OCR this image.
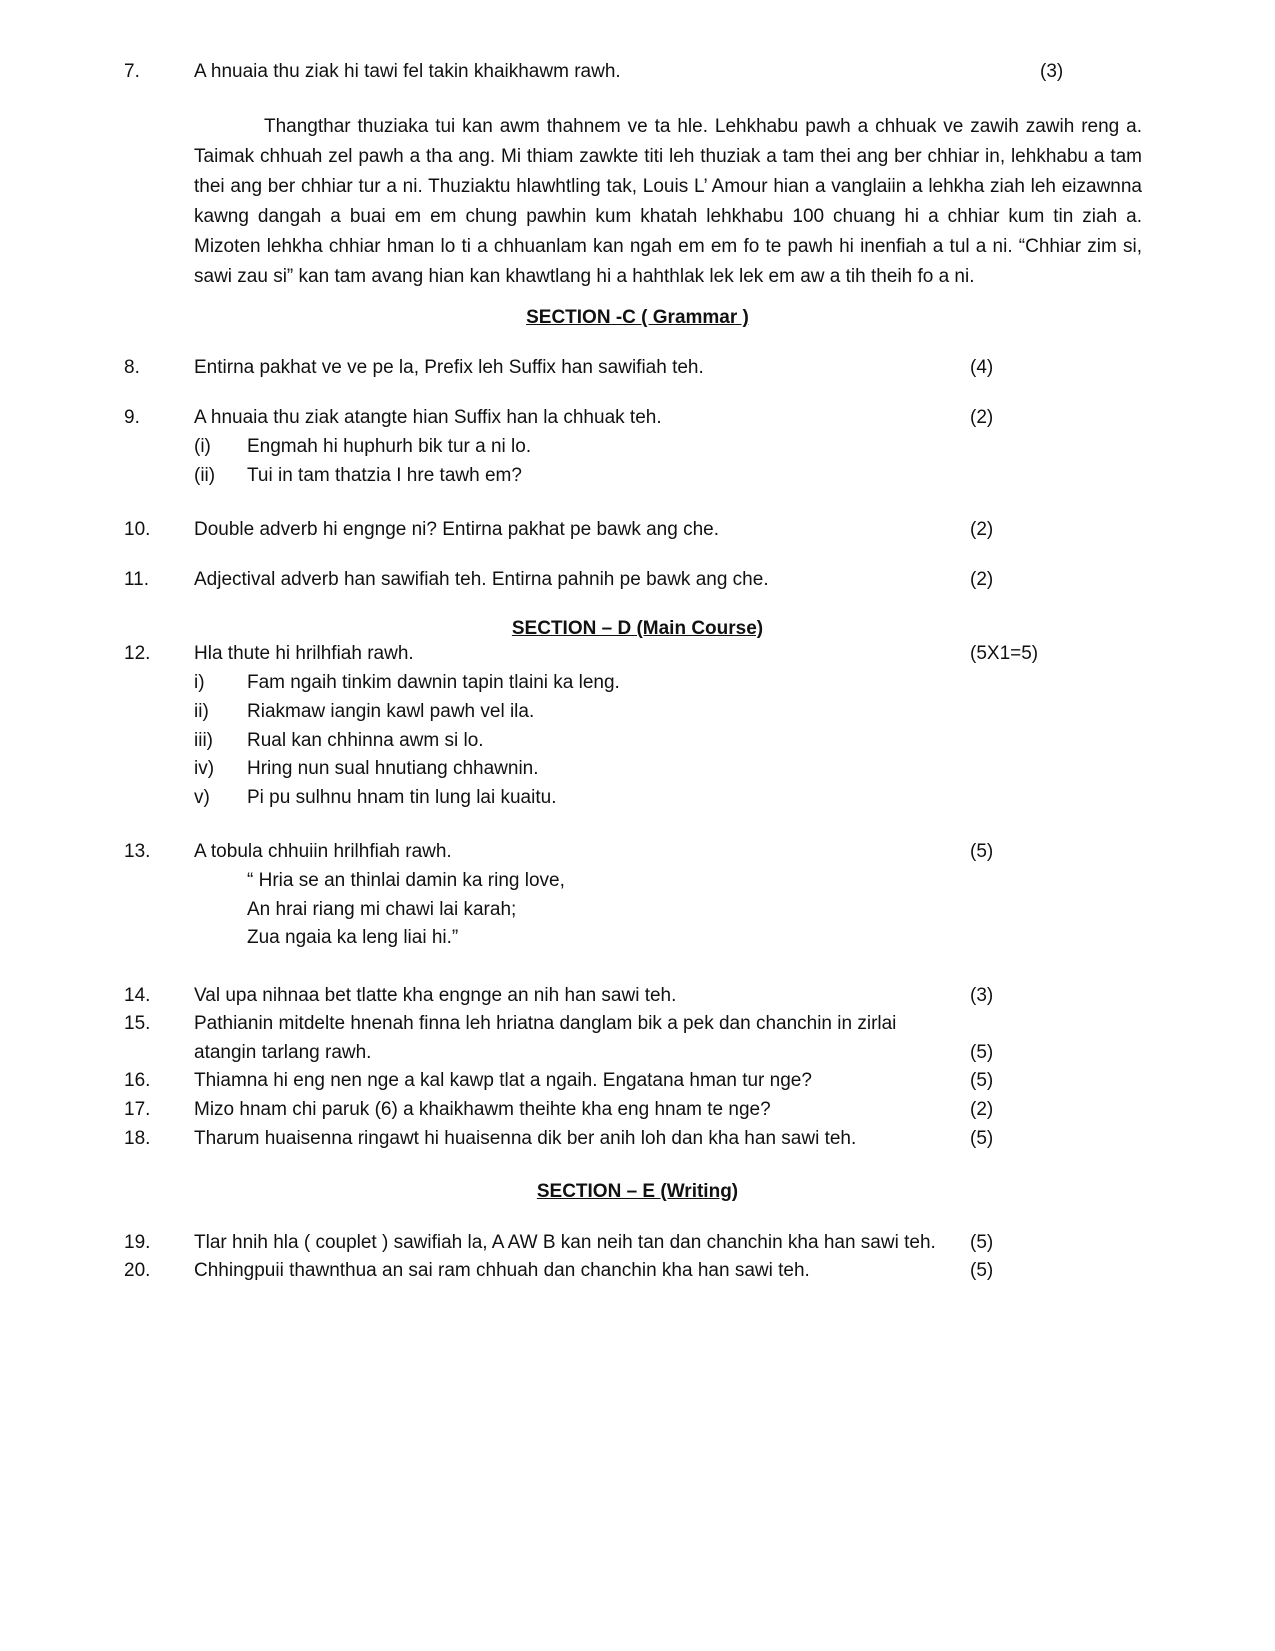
7.	A hnuaia thu ziak hi tawi fel takin khaikhawm rawh.	(3)

Thangthar thuziaka tui kan awm thahnem ve ta hle. Lehkhabu pawh a chhuak ve zawih zawih reng a. Taimak chhuah zel pawh a tha ang. Mi thiam zawkte titi leh thuziak a tam thei ang ber chhiar in, lehkhabu a tam thei ang ber chhiar tur a ni. Thuziaktu hlawhtling tak, Louis L’ Amour hian a vanglaiin a lehkha ziah leh eizawnna kawng dangah a buai em em chung pawhin kum khatah lehkhabu 100 chuang hi a chhiar kum tin ziah a. Mizoten lehkha chhiar hman lo ti a chhuanlam kan ngah em em fo te pawh hi inenfiah a tul a ni. “Chhiar zim si, sawi zau si” kan tam avang hian kan khawtlang hi a hahthlak lek lek em aw a tih theih fo a ni.

SECTION -C ( Grammar )
8.	Entirna pakhat ve ve pe la, Prefix leh Suffix han sawifiah teh.	(4)
9.	A hnuaia thu ziak atangte hian Suffix han la chhuak teh.	(2)
(i) Engmah hi huphurh bik tur a ni lo.
(ii) Tui in tam thatzia I hre tawh em?
10. Double adverb hi engnge ni? Entirna pakhat pe bawk ang che.	(2)
11. Adjectival adverb han sawifiah teh. Entirna pahnih pe bawk ang che.	(2)
SECTION – D (Main Course)
12. Hla thute hi hrilhfiah rawh.	(5X1=5)
i) Fam ngaih tinkim dawnin tapin tlaini ka leng.
ii) Riakmaw iangin kawl pawh vel ila.
iii) Rual kan chhinna awm si lo.
iv) Hring nun sual hnutiang chhawnin.
v) Pi pu sulhnu hnam tin lung lai kuaitu.
13. A tobula chhuiin hrilhfiah rawh.	(5)
“ Hria se an thinlai damin ka ring love,
An hrai riang mi chawi lai karah;
Zua ngaia ka leng liai hi.”
14. Val upa nihnaa bet tlatte kha engnge an nih han sawi teh.	(3)
15. Pathianin mitdelte hnenah finna leh hriatna danglam bik a pek dan chanchin in zirlai
atangin tarlang rawh.	(5)
16. Thiamna hi eng nen nge a kal kawp tlat a ngaih. Engatana hman tur nge?	(5)
17. Mizo hnam chi paruk (6) a khaikhawm theihte kha eng hnam te nge?	(2)
18. Tharum huaisenna ringawt hi huaisenna dik ber anih loh dan kha han sawi teh.	(5)
SECTION – E (Writing)
19. Tlar hnih hla ( couplet ) sawifiah la, A AW B kan neih tan dan chanchin kha han sawi teh. (5)
20. Chhingpuii thawnthua an sai ram chhuah dan chanchin kha han sawi teh.	(5)
